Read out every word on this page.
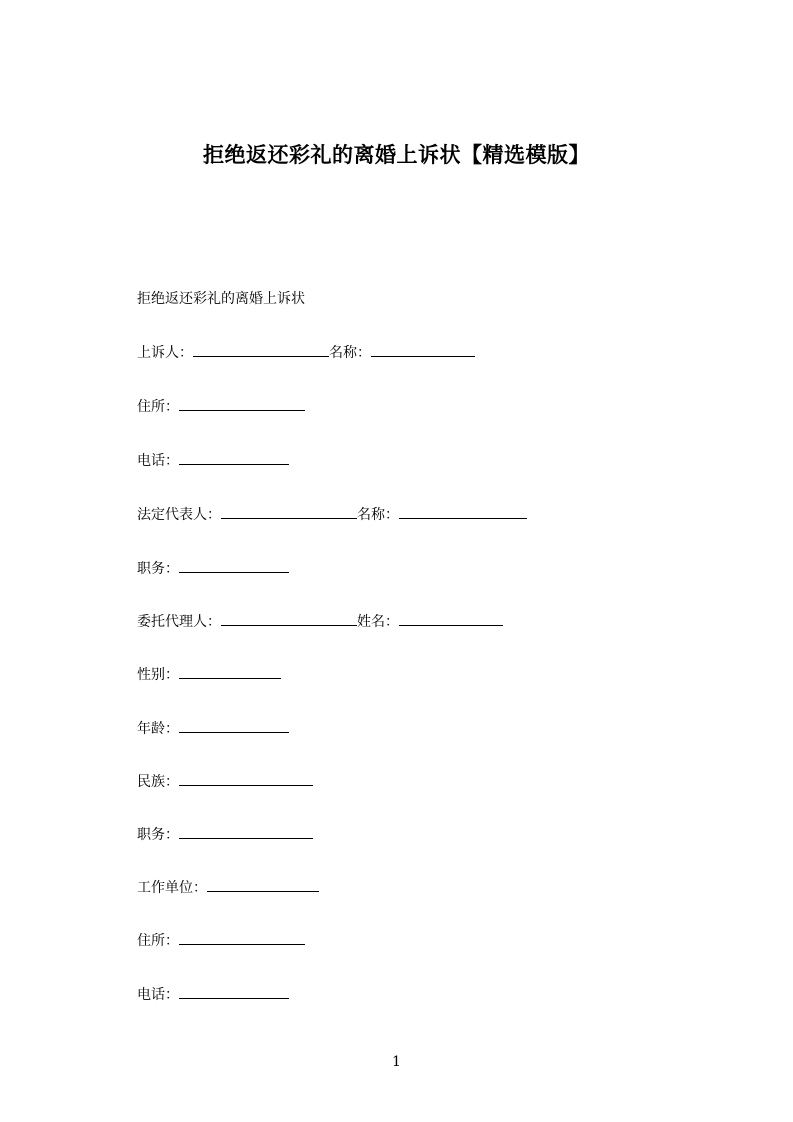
拒绝返还彩礼的离婚上诉状【精选模版】
拒绝返还彩礼的离婚上诉状
上诉人：	名称：
住所：
电话：
法定代表人：	名称：
职务：
委托代理人：	姓名：
性别：
年龄：
民族：
职务：
工作单位：
住所：
电话：
1
